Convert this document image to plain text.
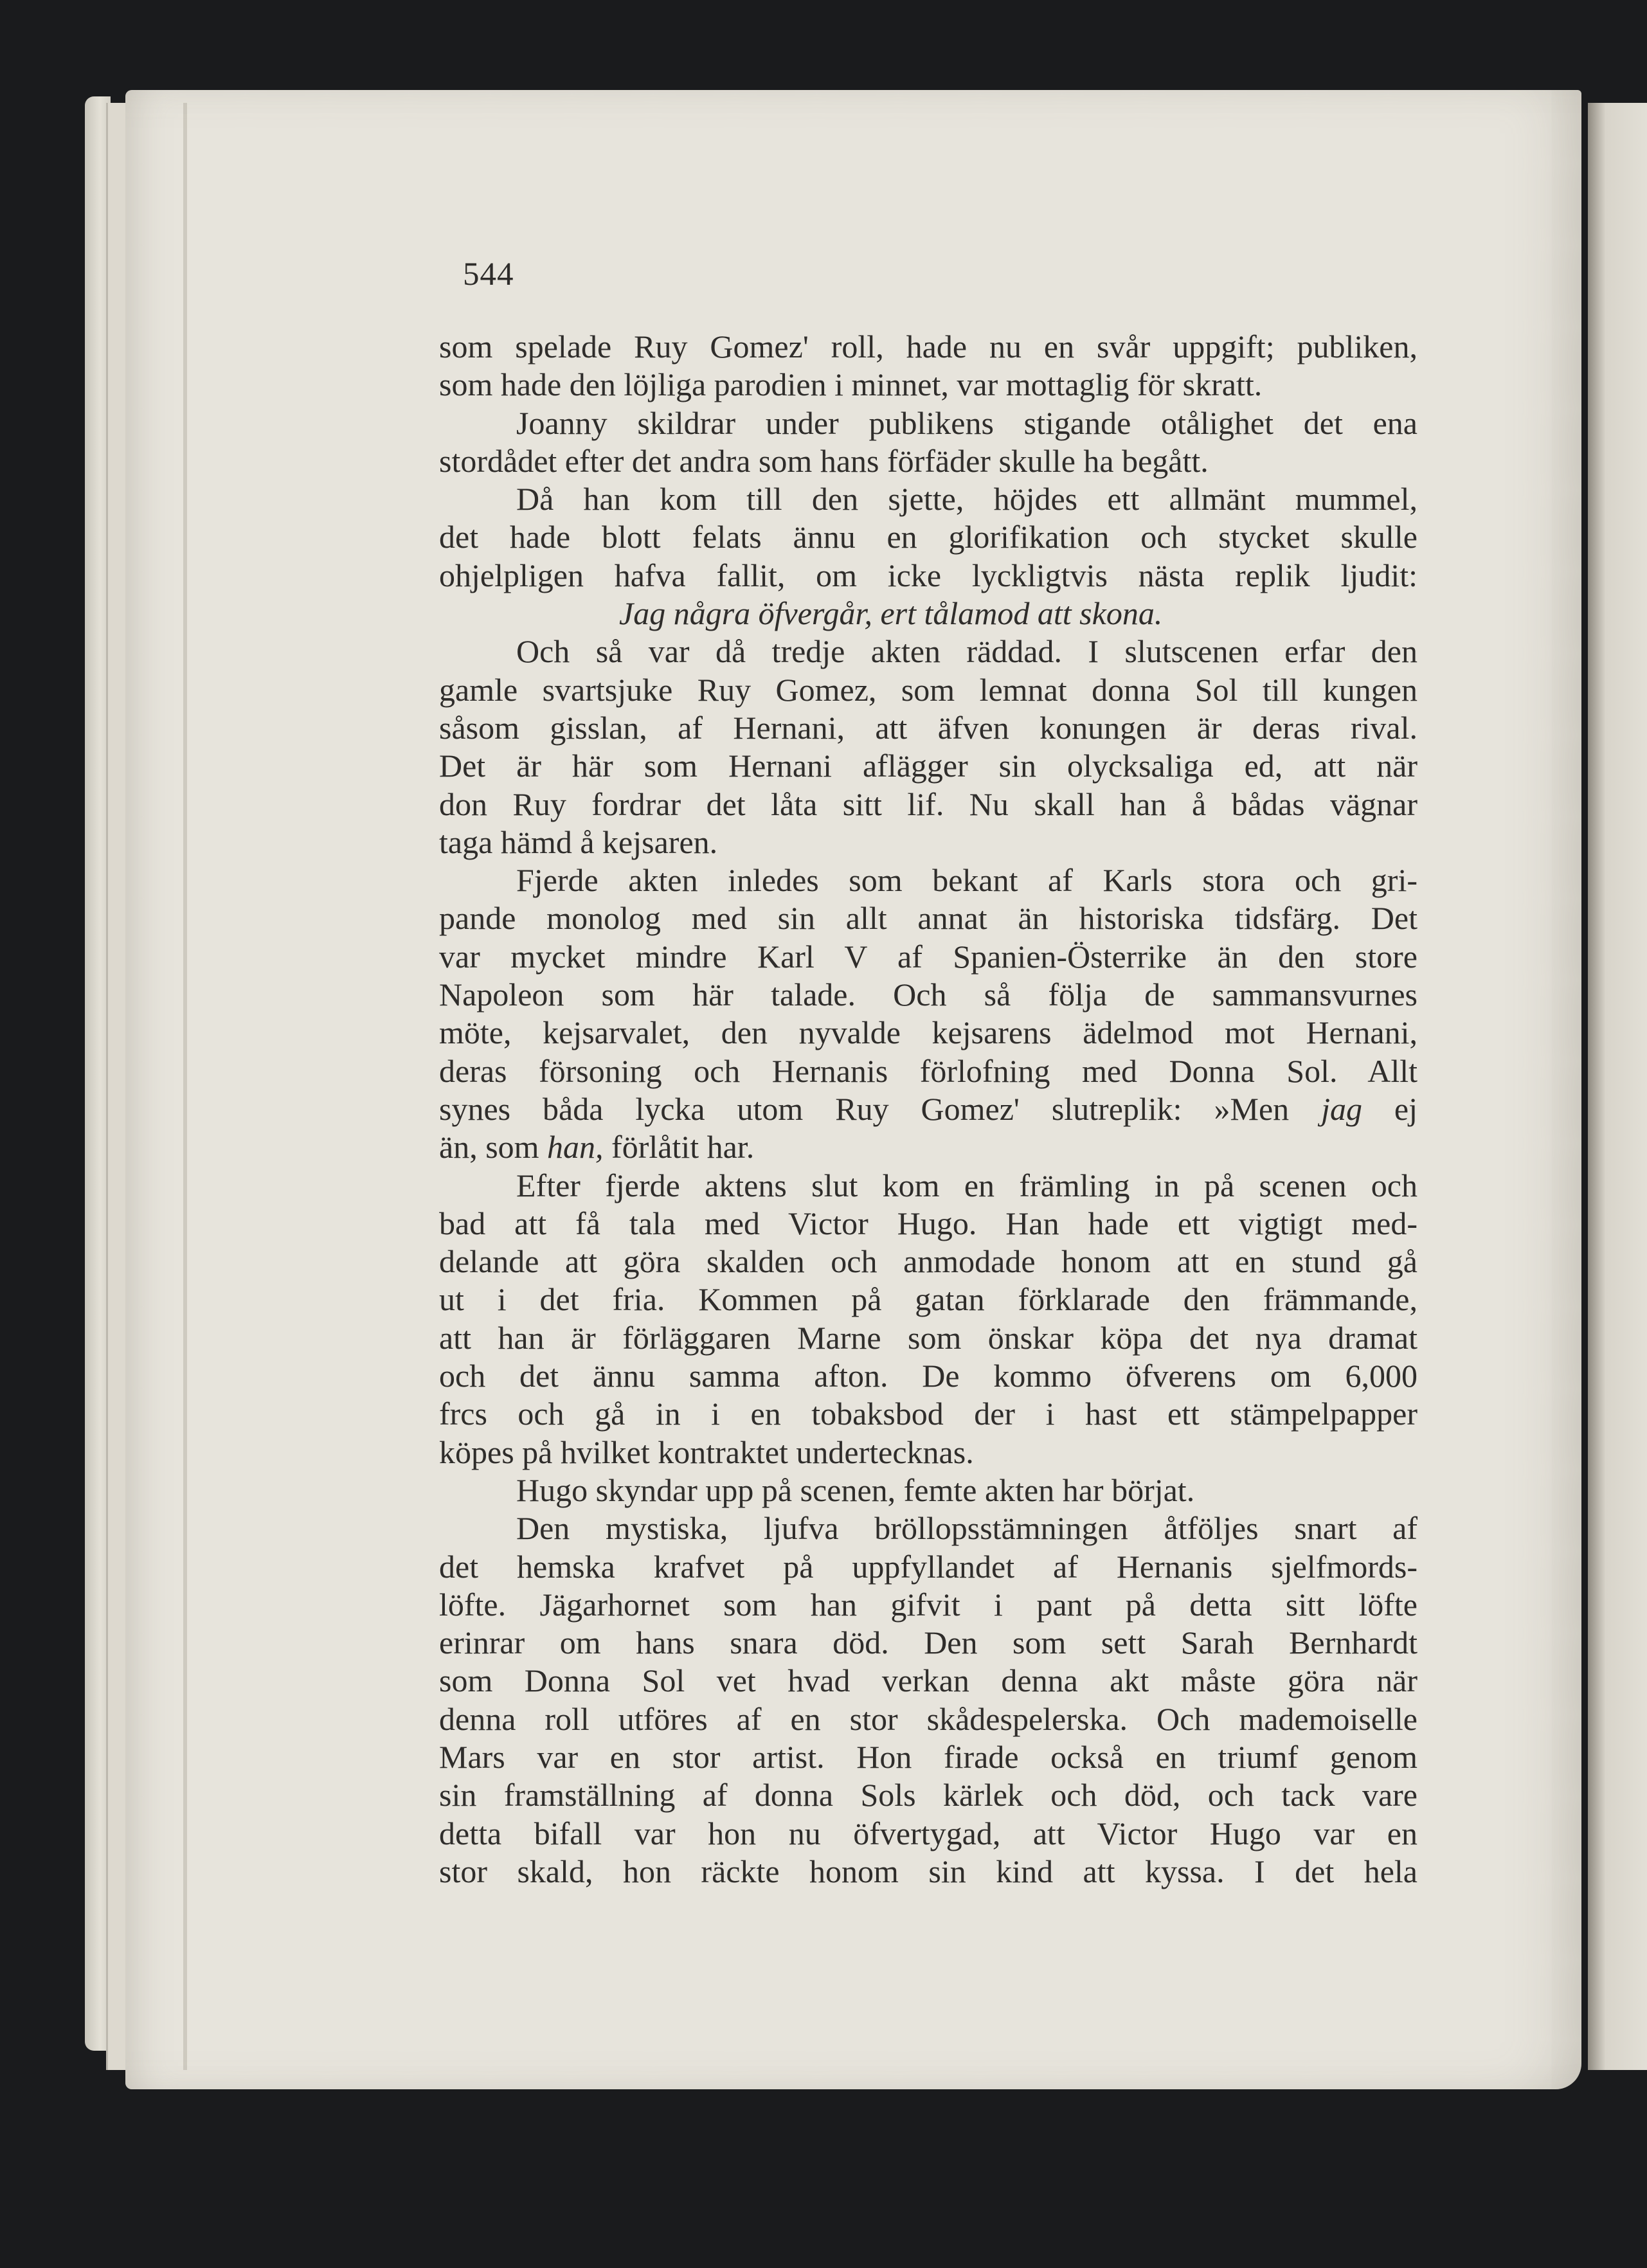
544
som spelade Ruy Gomez' roll, hade nu en svår uppgift; publiken,
som hade den löjliga parodien i minnet, var mottaglig för skratt.
Joanny skildrar under publikens stigande otålighet det ena
stordådet efter det andra som hans förfäder skulle ha begått.
Då han kom till den sjette, höjdes ett allmänt mummel,
det hade blott felats ännu en glorifikation och stycket skulle
ohjelpligen hafva fallit, om icke lyckligtvis nästa replik ljudit:
Jag några öfvergår, ert tålamod att skona.
Och så var då tredje akten räddad. I slutscenen erfar den
gamle svartsjuke Ruy Gomez, som lemnat donna Sol till kungen
såsom gisslan, af Hernani, att äfven konungen är deras rival.
Det är här som Hernani aflägger sin olycksaliga ed, att när
don Ruy fordrar det låta sitt lif. Nu skall han å bådas vägnar
taga hämd å kejsaren.
Fjerde akten inledes som bekant af Karls stora och gri-
pande monolog med sin allt annat än historiska tidsfärg. Det
var mycket mindre Karl V af Spanien-Österrike än den store
Napoleon som här talade. Och så följa de sammansvurnes
möte, kejsarvalet, den nyvalde kejsarens ädelmod mot Hernani,
deras försoning och Hernanis förlofning med Donna Sol. Allt
synes båda lycka utom Ruy Gomez' slutreplik: »Men jag ej
än, som han, förlåtit har.
Efter fjerde aktens slut kom en främling in på scenen och
bad att få tala med Victor Hugo. Han hade ett vigtigt med-
delande att göra skalden och anmodade honom att en stund gå
ut i det fria. Kommen på gatan förklarade den främmande,
att han är förläggaren Marne som önskar köpa det nya dramat
och det ännu samma afton. De kommo öfverens om 6,000
frcs och gå in i en tobaksbod der i hast ett stämpelpapper
köpes på hvilket kontraktet undertecknas.
Hugo skyndar upp på scenen, femte akten har börjat.
Den mystiska, ljufva bröllopsstämningen åtföljes snart af
det hemska krafvet på uppfyllandet af Hernanis sjelfmords-
löfte. Jägarhornet som han gifvit i pant på detta sitt löfte
erinrar om hans snara död. Den som sett Sarah Bernhardt
som Donna Sol vet hvad verkan denna akt måste göra när
denna roll utföres af en stor skådespelerska. Och mademoiselle
Mars var en stor artist. Hon firade också en triumf genom
sin framställning af donna Sols kärlek och död, och tack vare
detta bifall var hon nu öfvertygad, att Victor Hugo var en
stor skald, hon räckte honom sin kind att kyssa. I det hela
